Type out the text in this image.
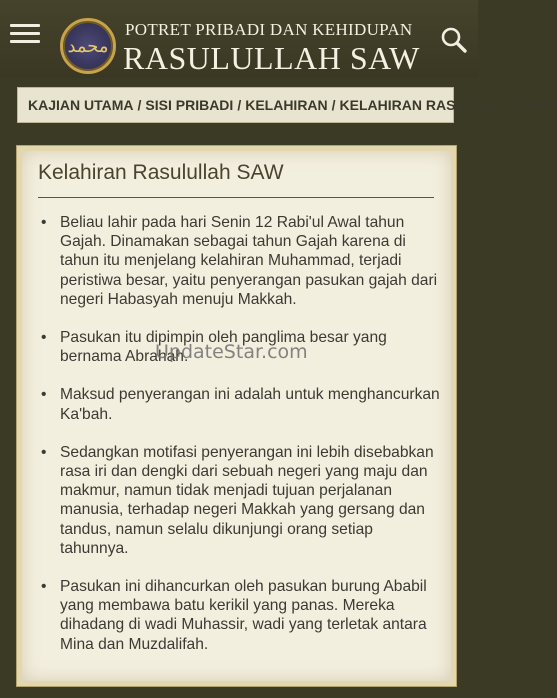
محمد
POTRET PRIBADI DAN KEHIDUPAN
RASULULLAH SAW
KAJIAN UTAMA / SISI PRIBADI / KELAHIRAN / KELAHIRAN RASULULLAH SAW
Kelahiran Rasulullah SAW
• Beliau lahir pada hari Senin 12 Rabi'ul Awal tahun Gajah. Dinamakan sebagai tahun Gajah karena di tahun itu menjelang kelahiran Muhammad, terjadi peristiwa besar, yaitu penyerangan pasukan gajah dari negeri Habasyah menuju Makkah.
• Pasukan itu dipimpin oleh panglima besar yang bernama Abrahah.
• Maksud penyerangan ini adalah untuk menghancurkan Ka'bah.
• Sedangkan motifasi penyerangan ini lebih disebabkan rasa iri dan dengki dari sebuah negeri yang maju dan makmur, namun tidak menjadi tujuan perjalanan manusia, terhadap negeri Makkah yang gersang dan tandus, namun selalu dikunjungi orang setiap tahunnya.
• Pasukan ini dihancurkan oleh pasukan burung Ababil yang membawa batu kerikil yang panas. Mereka dihadang di wadi Muhassir, wadi yang terletak antara Mina dan Muzdalifah.
UpdateStar.com
